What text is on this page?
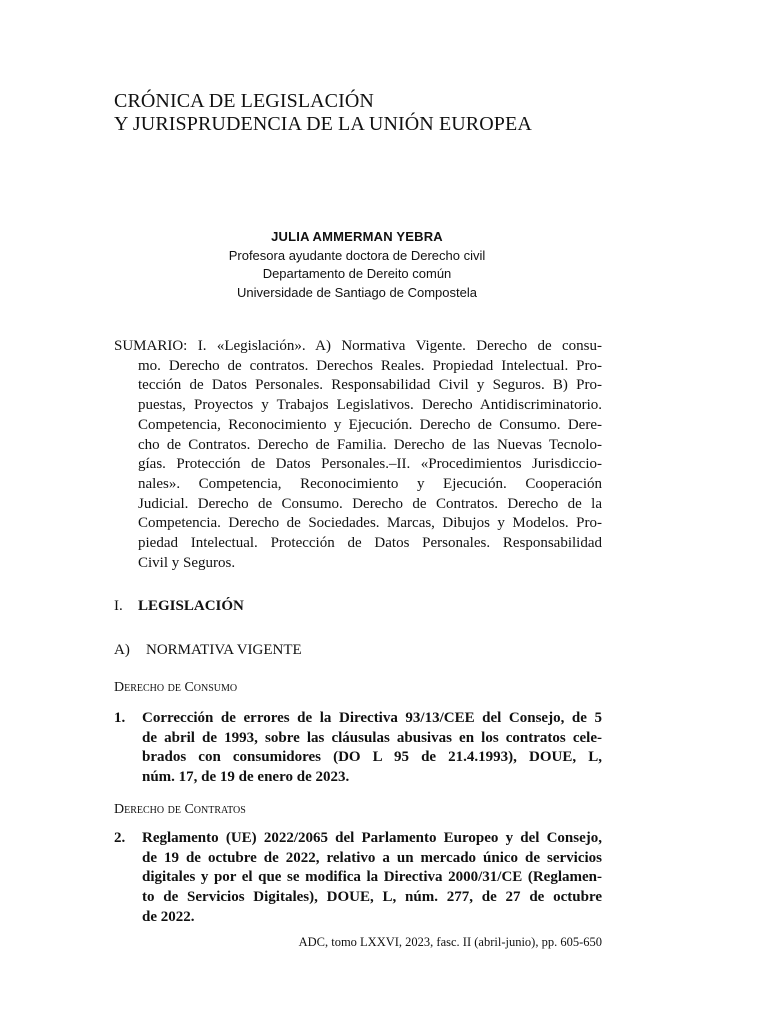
CRÓNICA DE LEGISLACIÓN
Y JURISPRUDENCIA DE LA UNIÓN EUROPEA
JULIA AMMERMAN YEBRA
Profesora ayudante doctora de Derecho civil
Departamento de Dereito común
Universidade de Santiago de Compostela
SUMARIO: I. «Legislación». A) Normativa Vigente. Derecho de consu-
mo. Derecho de contratos. Derechos Reales. Propiedad Intelectual. Pro-
tección de Datos Personales. Responsabilidad Civil y Seguros. B) Pro-
puestas, Proyectos y Trabajos Legislativos. Derecho Antidiscriminatorio.
Competencia, Reconocimiento y Ejecución. Derecho de Consumo. Dere-
cho de Contratos. Derecho de Familia. Derecho de las Nuevas Tecnolo-
gías. Protección de Datos Personales.–II. «Procedimientos Jurisdiccio-
nales». Competencia, Reconocimiento y Ejecución. Cooperación
Judicial. Derecho de Consumo. Derecho de Contratos. Derecho de la
Competencia. Derecho de Sociedades. Marcas, Dibujos y Modelos. Pro-
piedad Intelectual. Protección de Datos Personales. Responsabilidad
Civil y Seguros.
I. LEGISLACIÓN
A) NORMATIVA VIGENTE
Derecho de Consumo
1. Corrección de errores de la Directiva 93/13/CEE del Consejo, de 5
de abril de 1993, sobre las cláusulas abusivas en los contratos cele-
brados con consumidores (DO L 95 de 21.4.1993), DOUE, L,
núm. 17, de 19 de enero de 2023.
Derecho de Contratos
2. Reglamento (UE) 2022/2065 del Parlamento Europeo y del Consejo,
de 19 de octubre de 2022, relativo a un mercado único de servicios
digitales y por el que se modifica la Directiva 2000/31/CE (Reglamen-
to de Servicios Digitales), DOUE, L, núm. 277, de 27 de octubre
de 2022.
ADC, tomo LXXVI, 2023, fasc. II (abril-junio), pp. 605-650
